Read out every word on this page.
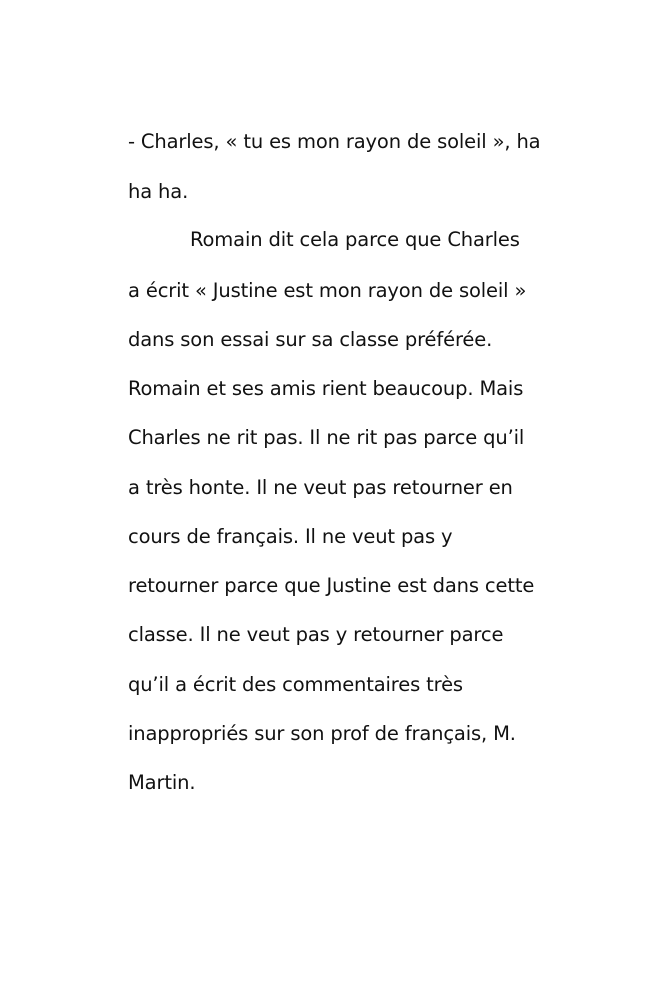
- Charles, « tu es mon rayon de soleil », ha
ha ha.
Romain dit cela parce que Charles
a écrit « Justine est mon rayon de soleil »
dans son essai sur sa classe préférée.
Romain et ses amis rient beaucoup. Mais
Charles ne rit pas. Il ne rit pas parce qu’il
a très honte. Il ne veut pas retourner en
cours de français. Il ne veut pas y
retourner parce que Justine est dans cette
classe. Il ne veut pas y retourner parce
qu’il a écrit des commentaires très
inappropriés sur son prof de français, M.
Martin.
